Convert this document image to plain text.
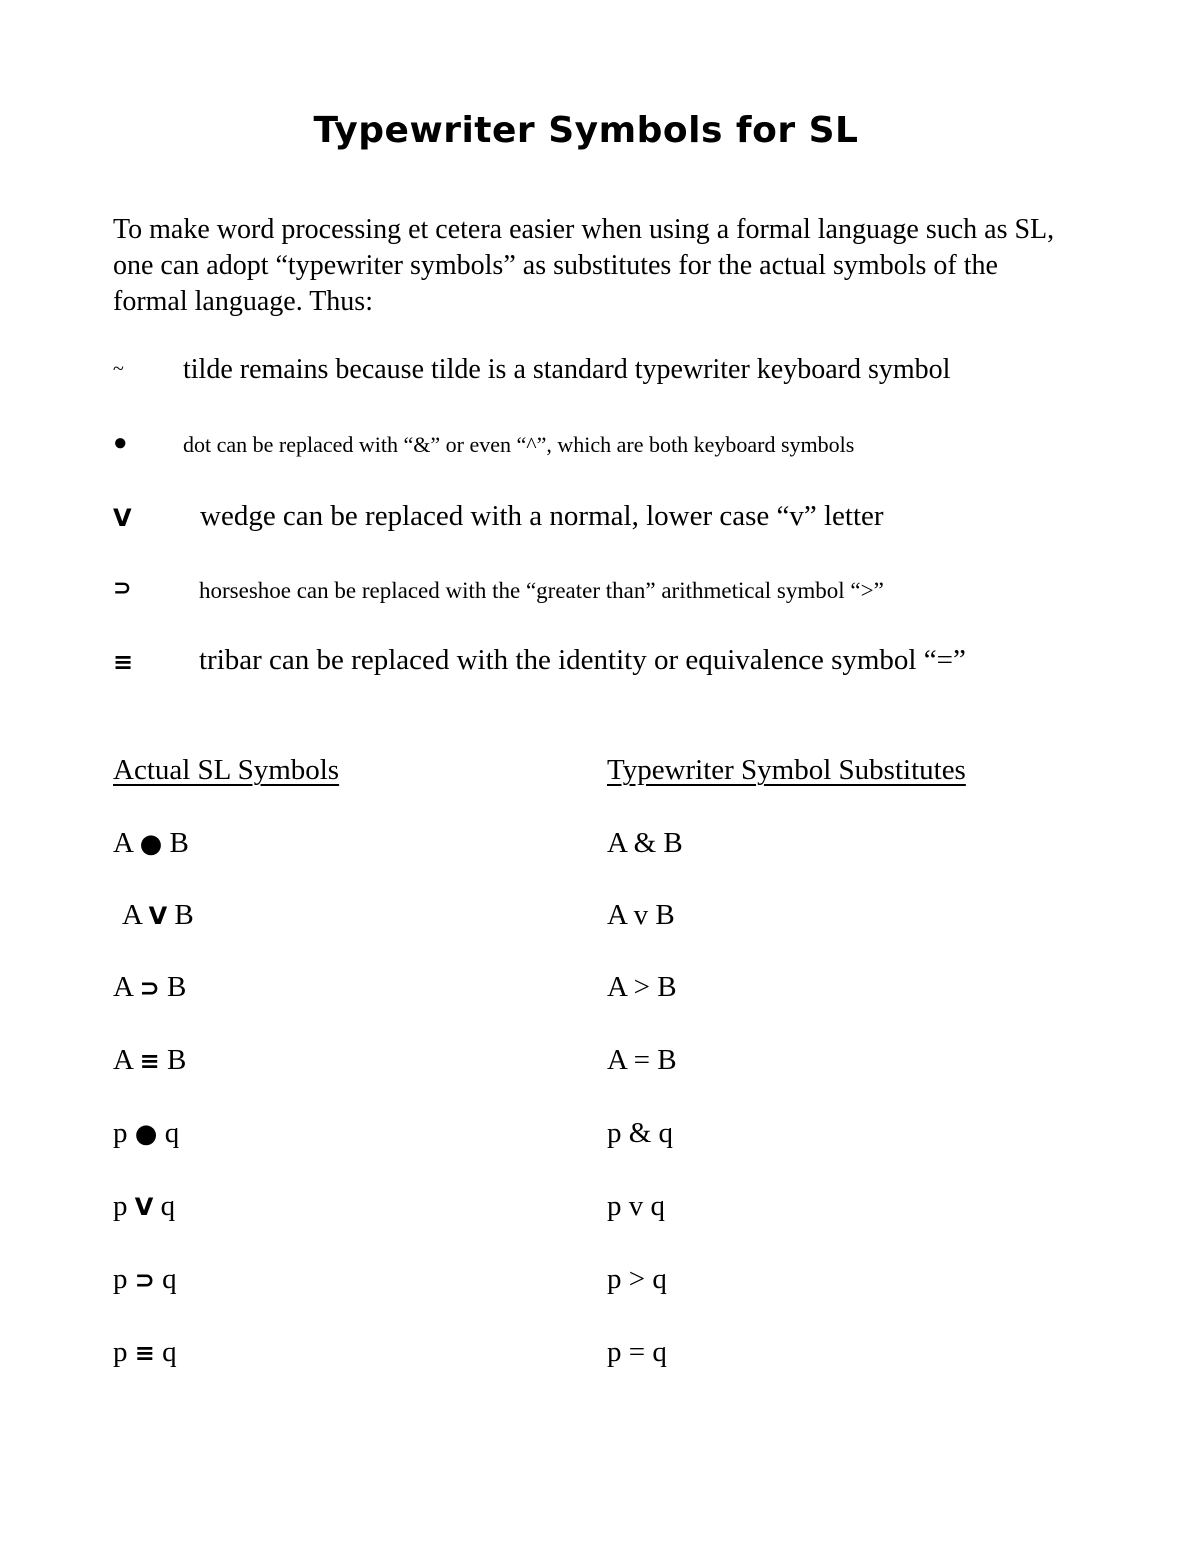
Typewriter Symbols for SL

To make word processing et cetera easier when using a formal language such as SL, one can adopt “typewriter symbols” as substitutes for the actual symbols of the formal language. Thus:

~ tilde remains because tilde is a standard typewriter keyboard symbol
●	dot can be replaced with “&” or even “^”, which are both keyboard symbols
V wedge can be replaced with a normal, lower case “v” letter
⊃	horseshoe can be replaced with the “greater than” arithmetical symbol “>”
≡ tribar can be replaced with the identity or equivalence symbol “=”
Actual SL Symbols	Typewriter Symbol Substitutes
A ● B	A & B
A V B	A v B
A ⊃ B	A > B
A ≡ B	A = B
p ● q	p & q
p V q	p v q
p ⊃ q	p > q
p ≡ q	p = q
